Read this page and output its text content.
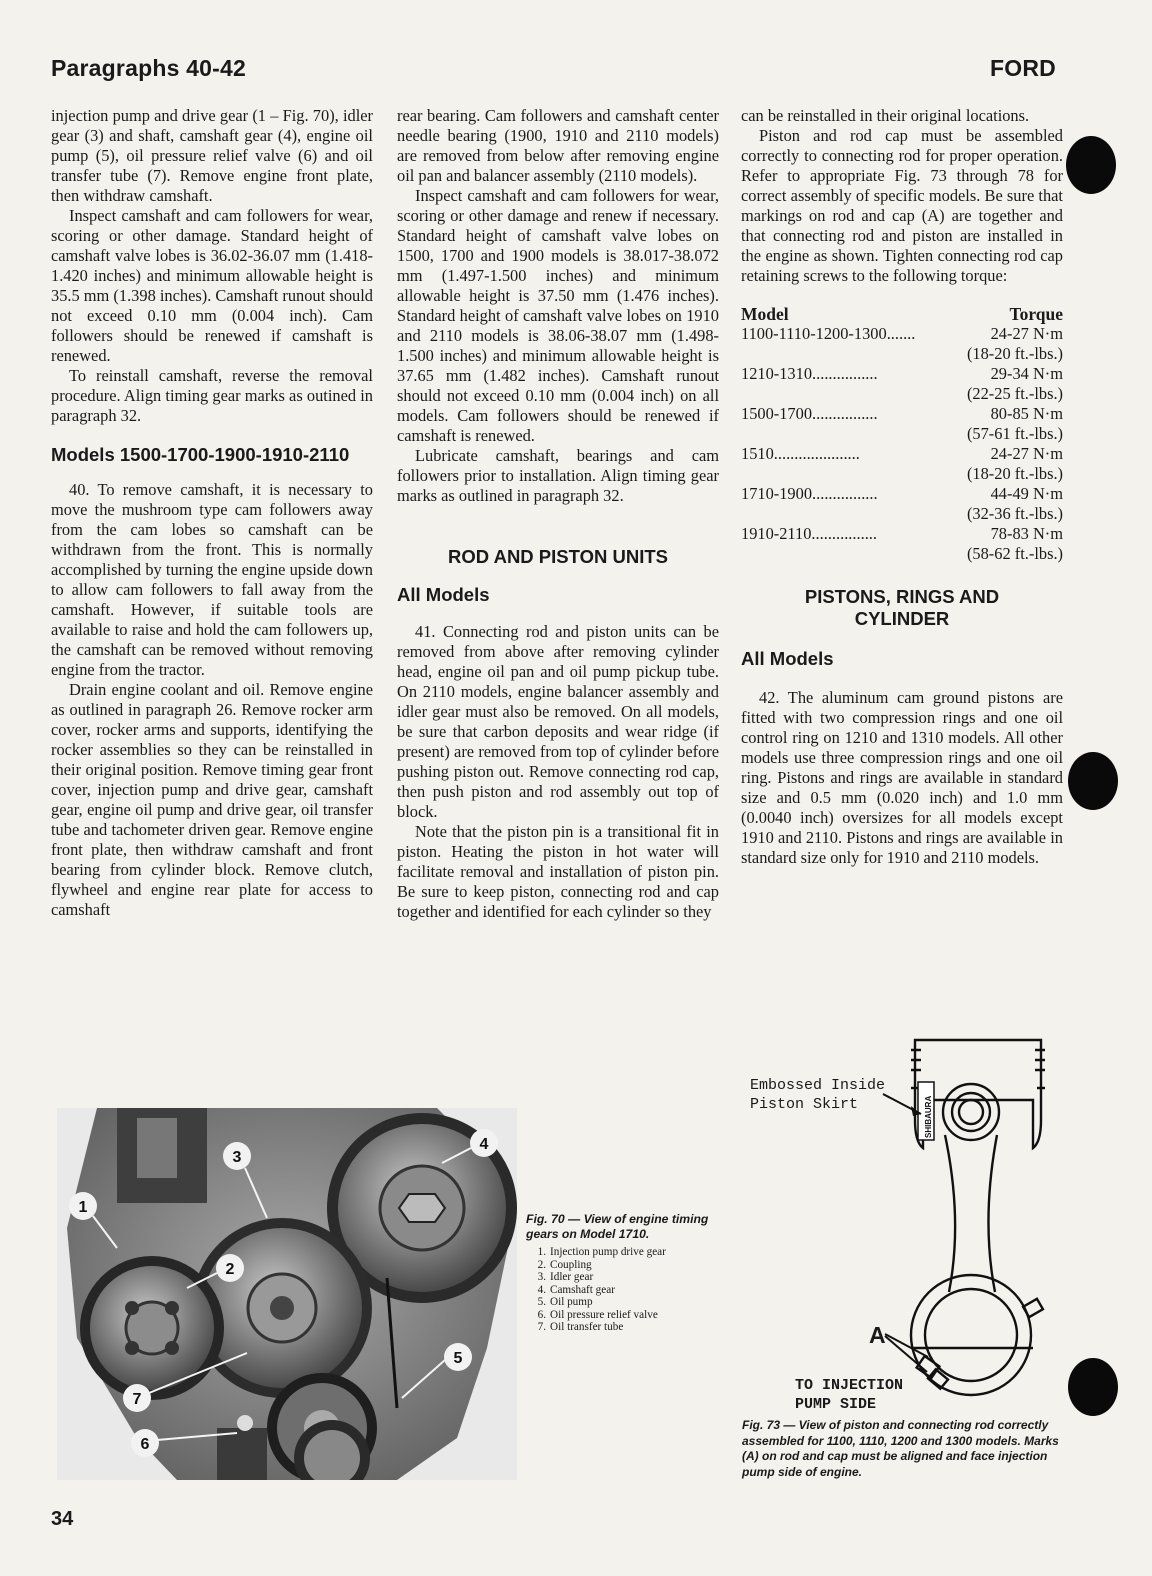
Paragraphs 40-42	FORD

injection pump and drive gear (1 – Fig. 70), idler gear (3) and shaft, camshaft gear (4), engine oil pump (5), oil pressure relief valve (6) and oil transfer tube (7). Remove engine front plate, then withdraw camshaft.

Inspect camshaft and cam followers for wear, scoring or other damage. Standard height of camshaft valve lobes is 36.02-36.07 mm (1.418-1.420 inches) and minimum allowable height is 35.5 mm (1.398 inches). Camshaft runout should not exceed 0.10 mm (0.004 inch). Cam followers should be renewed if camshaft is renewed.

To reinstall camshaft, reverse the removal procedure. Align timing gear marks as outined in paragraph 32.

Models 1500-1700-1900-1910-2110

40. To remove camshaft, it is necessary to move the mushroom type cam followers away from the cam lobes so camshaft can be withdrawn from the front. This is normally accomplished by turning the engine upside down to allow cam followers to fall away from the camshaft. However, if suitable tools are available to raise and hold the cam followers up, the camshaft can be removed without removing engine from the tractor.

Drain engine coolant and oil. Remove engine as outlined in paragraph 26. Remove rocker arm cover, rocker arms and supports, identifying the rocker assemblies so they can be reinstalled in their original position. Remove timing gear front cover, injection pump and drive gear, camshaft gear, engine oil pump and drive gear, oil transfer tube and tachometer driven gear. Remove engine front plate, then withdraw camshaft and front bearing from cylinder block. Remove clutch, flywheel and engine rear plate for access to camshaft

rear bearing. Cam followers and camshaft center needle bearing (1900, 1910 and 2110 models) are removed from below after removing engine oil pan and balancer assembly (2110 models).

Inspect camshaft and cam followers for wear, scoring or other damage and renew if necessary. Standard height of camshaft valve lobes on 1500, 1700 and 1900 models is 38.017-38.072 mm (1.497-1.500 inches) and minimum allowable height is 37.50 mm (1.476 inches). Standard height of camshaft valve lobes on 1910 and 2110 models is 38.06-38.07 mm (1.498-1.500 inches) and minimum allowable height is 37.65 mm (1.482 inches). Camshaft runout should not exceed 0.10 mm (0.004 inch) on all models. Cam followers should be renewed if camshaft is renewed.

Lubricate camshaft, bearings and cam followers prior to installation. Align timing gear marks as outlined in paragraph 32.

ROD AND PISTON UNITS
All Models

41. Connecting rod and piston units can be removed from above after removing cylinder head, engine oil pan and oil pump pickup tube. On 2110 models, engine balancer assembly and idler gear must also be removed. On all models, be sure that carbon deposits and wear ridge (if present) are removed from top of cylinder before pushing piston out. Remove connecting rod cap, then push piston and rod assembly out top of block.

Note that the piston pin is a transitional fit in piston. Heating the piston in hot water will facilitate removal and installation of piston pin. Be sure to keep piston, connecting rod and cap together and identified for each cylinder so they

can be reinstalled in their original locations.

Piston and rod cap must be assembled correctly to connecting rod for proper operation. Refer to appropriate Fig. 73 through 78 for correct assembly of specific models. Be sure that markings on rod and cap (A) are together and that connecting rod and piston are installed in the engine as shown. Tighten connecting rod cap retaining screws to the following torque:

Model	Torque
1100-1110-1200-1300.......	24-27 N·m
	(18-20 ft.-lbs.)
1210-1310................	29-34 N·m
	(22-25 ft.-lbs.)
1500-1700................	80-85 N·m
	(57-61 ft.-lbs.)
1510.....................	24-27 N·m
	(18-20 ft.-lbs.)
1710-1900................	44-49 N·m
	(32-36 ft.-lbs.)
1910-2110................	78-83 N·m
	(58-62 ft.-lbs.)
PISTONS, RINGS AND
CYLINDER
All Models

42. The aluminum cam ground pistons are fitted with two compression rings and one oil control ring on 1210 and 1310 models. All other models use three compression rings and one oil ring. Pistons and rings are available in standard size and 0.5 mm (0.020 inch) and 1.0 mm (0.0040 inch) oversizes for all models except 1910 and 2110. Pistons and rings are available in standard size only for 1910 and 2110 models.

1
2
3
4
5
6
7

Fig. 70 — View of engine timing gears on Model 1710.

1. Injection pump drive gear
2. Coupling
3. Idler gear
4. Camshaft gear
5. Oil pump
6. Oil pressure relief valve
7. Oil transfer tube
SHIBAURA
Embossed Inside
Piston Skirt
A
TO INJECTION
PUMP SIDE
Fig. 73 — View of piston and connecting rod correctly assembled for 1100, 1110, 1200 and 1300 models. Marks (A) on rod and cap must be aligned and face injection pump side of engine.
34
